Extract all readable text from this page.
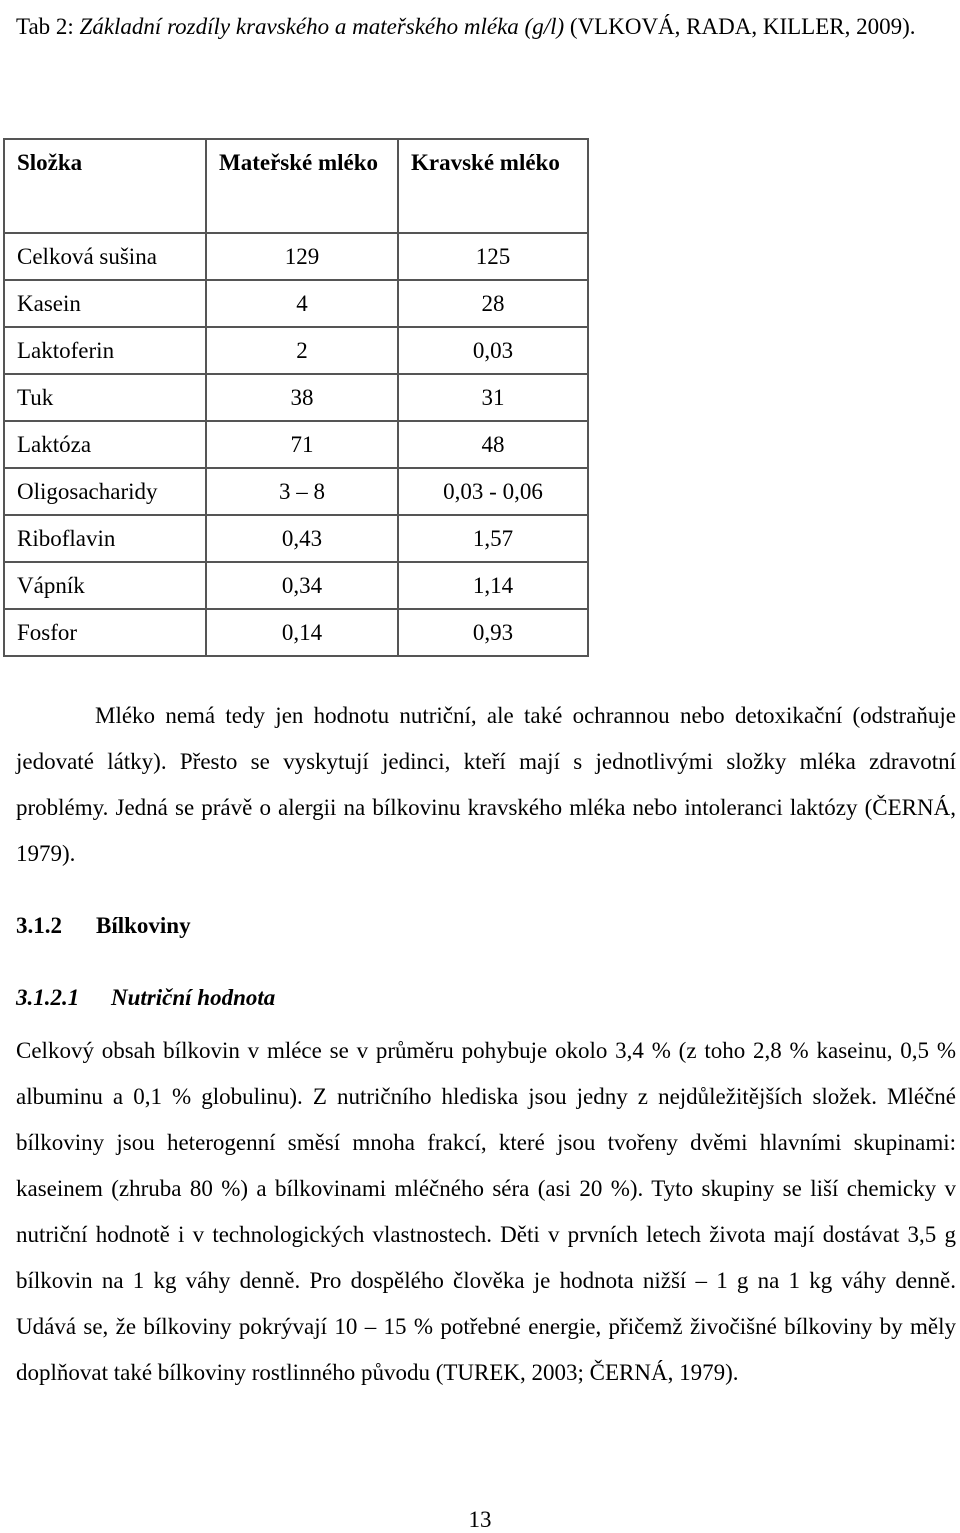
Tab 2: Základní rozdíly kravského a mateřského mléka (g/l) (VLKOVÁ, RADA, KILLER, 2009).
Složka	Mateřské mléko	Kravské mléko
Celková sušina	129	125
Kasein	4	28
Laktoferin	2	0,03
Tuk	38	31
Laktóza	71	48
Oligosacharidy	3 – 8	0,03 - 0,06
Riboflavin	0,43	1,57
Vápník	0,34	1,14
Fosfor	0,14	0,93
Mléko nemá tedy jen hodnotu nutriční, ale také ochrannou nebo detoxikační (odstraňuje jedovaté látky). Přesto se vyskytují jedinci, kteří mají s jednotlivými složky mléka zdravotní problémy. Jedná se právě o alergii na bílkovinu kravského mléka nebo intoleranci laktózy (ČERNÁ, 1979).
3.1.2 Bílkoviny
3.1.2.1 Nutriční hodnota
Celkový obsah bílkovin v mléce se v průměru pohybuje okolo 3,4 % (z toho 2,8 % kaseinu, 0,5 % albuminu a 0,1 % globulinu). Z nutričního hlediska jsou jedny z nejdůležitějších složek. Mléčné bílkoviny jsou heterogenní směsí mnoha frakcí, které jsou tvořeny dvěmi hlavními skupinami: kaseinem (zhruba 80 %) a bílkovinami mléčného séra (asi 20 %). Tyto skupiny se liší chemicky v nutriční hodnotě i v technologických vlastnostech. Děti v prvních letech života mají dostávat 3,5 g bílkovin na 1 kg váhy denně. Pro dospělého člověka je hodnota nižší – 1 g na 1 kg váhy denně. Udává se, že bílkoviny pokrývají 10 – 15 % potřebné energie, přičemž živočišné bílkoviny by měly doplňovat také bílkoviny rostlinného původu (TUREK, 2003; ČERNÁ, 1979).
13
